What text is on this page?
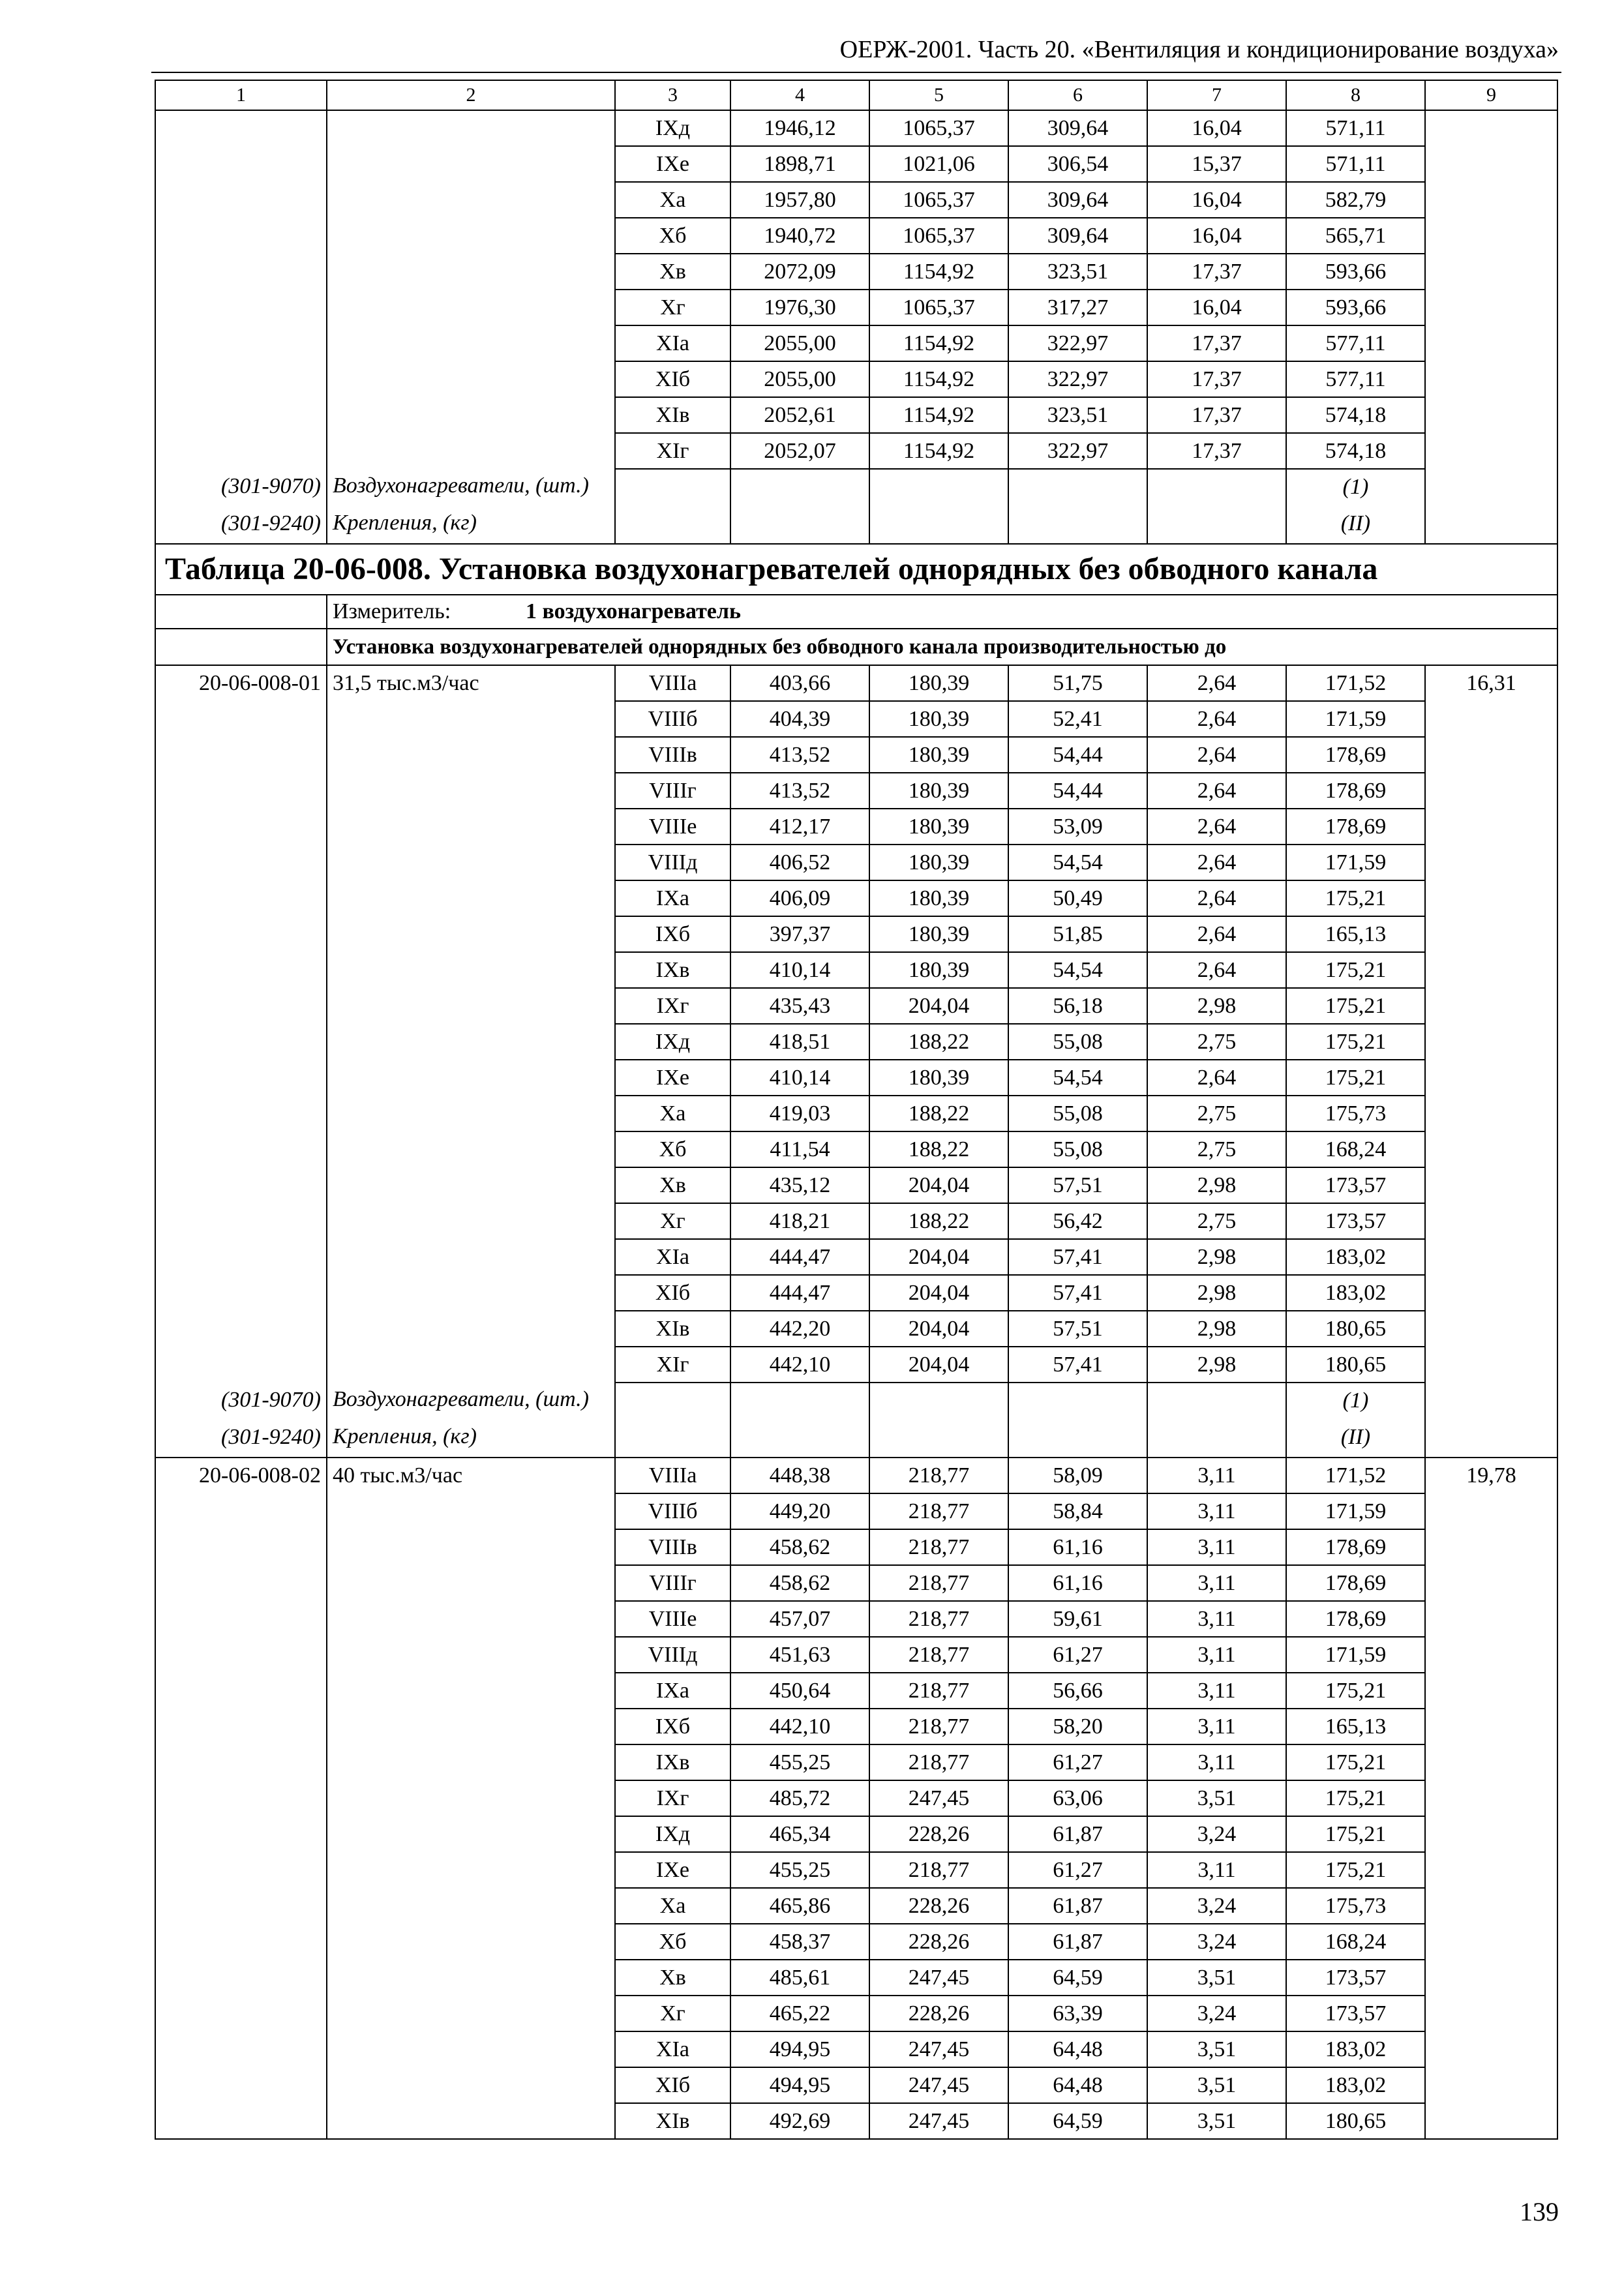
ОЕРЖ-2001. Часть 20. «Вентиляция и кондиционирование воздуха»
1	2	3	4	5	6	7	8	9
		IXд	1946,12	1065,37	309,64	16,04	571,11	
		IXе	1898,71	1021,06	306,54	15,37	571,11	
		Xа	1957,80	1065,37	309,64	16,04	582,79	
		Xб	1940,72	1065,37	309,64	16,04	565,71	
		Xв	2072,09	1154,92	323,51	17,37	593,66	
		Xг	1976,30	1065,37	317,27	16,04	593,66	
		XIа	2055,00	1154,92	322,97	17,37	577,11	
		XIб	2055,00	1154,92	322,97	17,37	577,11	
		XIв	2052,61	1154,92	323,51	17,37	574,18	
		XIг	2052,07	1154,92	322,97	17,37	574,18	
(301-9070)	Воздухонагреватели, (шт.)						(1)	
(301-9240)	Крепления, (кг)						(II)	
Таблица 20-06-008. Установка воздухонагревателей однорядных без обводного канала								
	Измеритель: 1 воздухонагреватель							
	Установка воздухонагревателей однорядных без обводного канала производительностью до							
20-06-008-01	31,5 тыс.м3/час	VIIIа	403,66	180,39	51,75	2,64	171,52	16,31
		VIIIб	404,39	180,39	52,41	2,64	171,59	
		VIIIв	413,52	180,39	54,44	2,64	178,69	
		VIIIг	413,52	180,39	54,44	2,64	178,69	
		VIIIе	412,17	180,39	53,09	2,64	178,69	
		VIIIд	406,52	180,39	54,54	2,64	171,59	
		IXа	406,09	180,39	50,49	2,64	175,21	
		IXб	397,37	180,39	51,85	2,64	165,13	
		IXв	410,14	180,39	54,54	2,64	175,21	
		IXг	435,43	204,04	56,18	2,98	175,21	
		IXд	418,51	188,22	55,08	2,75	175,21	
		IXе	410,14	180,39	54,54	2,64	175,21	
		Xа	419,03	188,22	55,08	2,75	175,73	
		Xб	411,54	188,22	55,08	2,75	168,24	
		Xв	435,12	204,04	57,51	2,98	173,57	
		Xг	418,21	188,22	56,42	2,75	173,57	
		XIа	444,47	204,04	57,41	2,98	183,02	
		XIб	444,47	204,04	57,41	2,98	183,02	
		XIв	442,20	204,04	57,51	2,98	180,65	
		XIг	442,10	204,04	57,41	2,98	180,65	
(301-9070)	Воздухонагреватели, (шт.)						(1)	
(301-9240)	Крепления, (кг)						(II)	
20-06-008-02	40 тыс.м3/час	VIIIа	448,38	218,77	58,09	3,11	171,52	19,78
		VIIIб	449,20	218,77	58,84	3,11	171,59	
		VIIIв	458,62	218,77	61,16	3,11	178,69	
		VIIIг	458,62	218,77	61,16	3,11	178,69	
		VIIIе	457,07	218,77	59,61	3,11	178,69	
		VIIIд	451,63	218,77	61,27	3,11	171,59	
		IXа	450,64	218,77	56,66	3,11	175,21	
		IXб	442,10	218,77	58,20	3,11	165,13	
		IXв	455,25	218,77	61,27	3,11	175,21	
		IXг	485,72	247,45	63,06	3,51	175,21	
		IXд	465,34	228,26	61,87	3,24	175,21	
		IXе	455,25	218,77	61,27	3,11	175,21	
		Xа	465,86	228,26	61,87	3,24	175,73	
		Xб	458,37	228,26	61,87	3,24	168,24	
		Xв	485,61	247,45	64,59	3,51	173,57	
		Xг	465,22	228,26	63,39	3,24	173,57	
		XIа	494,95	247,45	64,48	3,51	183,02	
		XIб	494,95	247,45	64,48	3,51	183,02	
		XIв	492,69	247,45	64,59	3,51	180,65	
139
